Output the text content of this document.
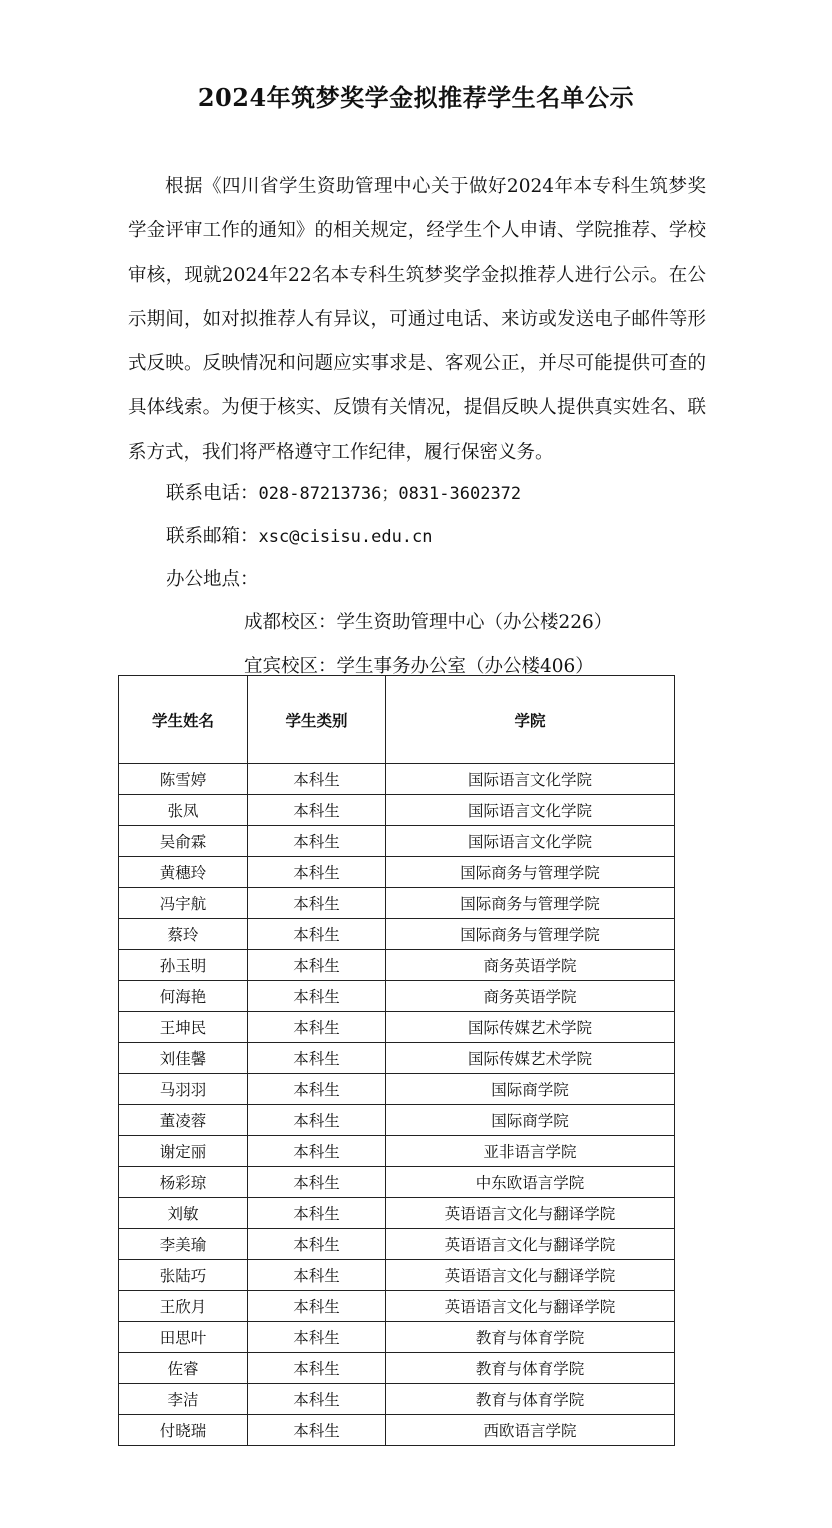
2024年筑梦奖学金拟推荐学生名单公示

根据《四川省学生资助管理中心关于做好2024年本专科生筑梦奖学金评审工作的通知》的相关规定，经学生个人申请、学院推荐、学校审核，现就2024年22名本专科生筑梦奖学金拟推荐人进行公示。在公示期间，如对拟推荐人有异议，可通过电话、来访或发送电子邮件等形式反映。反映情况和问题应实事求是、客观公正，并尽可能提供可查的具体线索。为便于核实、反馈有关情况，提倡反映人提供真实姓名、联系方式，我们将严格遵守工作纪律，履行保密义务。

联系电话：028-87213736；0831-3602372
联系邮箱：xsc@cisisu.edu.cn
办公地点：
成都校区：学生资助管理中心（办公楼226）
宜宾校区：学生事务办公室（办公楼406）
学生姓名	学生类别	学院
陈雪婷	本科生	国际语言文化学院
张凤	本科生	国际语言文化学院
吴俞霖	本科生	国际语言文化学院
黄穗玲	本科生	国际商务与管理学院
冯宇航	本科生	国际商务与管理学院
蔡玲	本科生	国际商务与管理学院
孙玉明	本科生	商务英语学院
何海艳	本科生	商务英语学院
王坤民	本科生	国际传媒艺术学院
刘佳馨	本科生	国际传媒艺术学院
马羽羽	本科生	国际商学院
董凌蓉	本科生	国际商学院
谢定丽	本科生	亚非语言学院
杨彩琼	本科生	中东欧语言学院
刘敏	本科生	英语语言文化与翻译学院
李美瑜	本科生	英语语言文化与翻译学院
张陆巧	本科生	英语语言文化与翻译学院
王欣月	本科生	英语语言文化与翻译学院
田思叶	本科生	教育与体育学院
佐睿	本科生	教育与体育学院
李洁	本科生	教育与体育学院
付晓瑞	本科生	西欧语言学院
